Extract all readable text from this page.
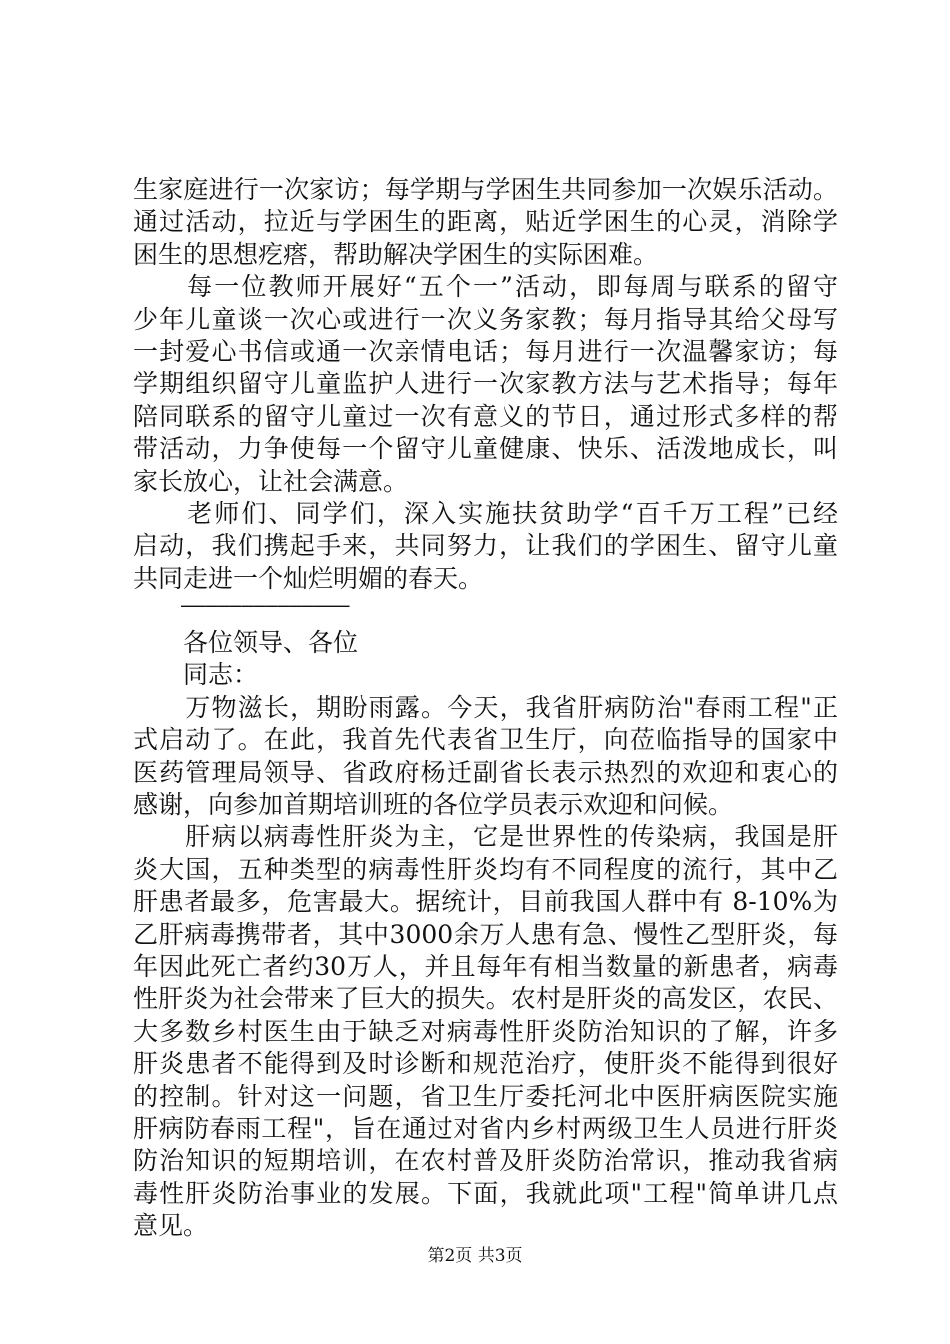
生家庭进行一次家访；每学期与学困生共同参加一次娱乐活动。
通过活动，拉近与学困生的距离，贴近学困生的心灵，消除学
困生的思想疙瘩，帮助解决学困生的实际困难。
　　每一位教师开展好“五个一”活动，即每周与联系的留守
少年儿童谈一次心或进行一次义务家教；每月指导其给父母写
一封爱心书信或通一次亲情电话；每月进行一次温馨家访；每
学期组织留守儿童监护人进行一次家教方法与艺术指导；每年
陪同联系的留守儿童过一次有意义的节日，通过形式多样的帮
带活动，力争使每一个留守儿童健康、快乐、活泼地成长，叫
家长放心，让社会满意。
　　老师们、同学们，深入实施扶贫助学“百千万工程”已经
启动，我们携起手来，共同努力，让我们的学困生、留守儿童
共同走进一个灿烂明媚的春天。
——————————————
　　各位领导、各位
　　同志：
　　万物滋长，期盼雨露。今天，我省肝病防治"春雨工程"正
式启动了。在此，我首先代表省卫生厅，向莅临指导的国家中
医药管理局领导、省政府杨迁副省长表示热烈的欢迎和衷心的
感谢，向参加首期培训班的各位学员表示欢迎和问候。
　　肝病以病毒性肝炎为主，它是世界性的传染病，我国是肝
炎大国，五种类型的病毒性肝炎均有不同程度的流行，其中乙
肝患者最多，危害最大。据统计，目前我国人群中有 8-10%为
乙肝病毒携带者，其中3000余万人患有急、慢性乙型肝炎，每
年因此死亡者约30万人，并且每年有相当数量的新患者，病毒
性肝炎为社会带来了巨大的损失。农村是肝炎的高发区，农民、
大多数乡村医生由于缺乏对病毒性肝炎防治知识的了解，许多
肝炎患者不能得到及时诊断和规范治疗，使肝炎不能得到很好
的控制。针对这一问题，省卫生厅委托河北中医肝病医院实施
肝病防春雨工程"，旨在通过对省内乡村两级卫生人员进行肝炎
防治知识的短期培训，在农村普及肝炎防治常识，推动我省病
毒性肝炎防治事业的发展。下面，我就此项"工程"简单讲几点
意见。
第2页 共3页
